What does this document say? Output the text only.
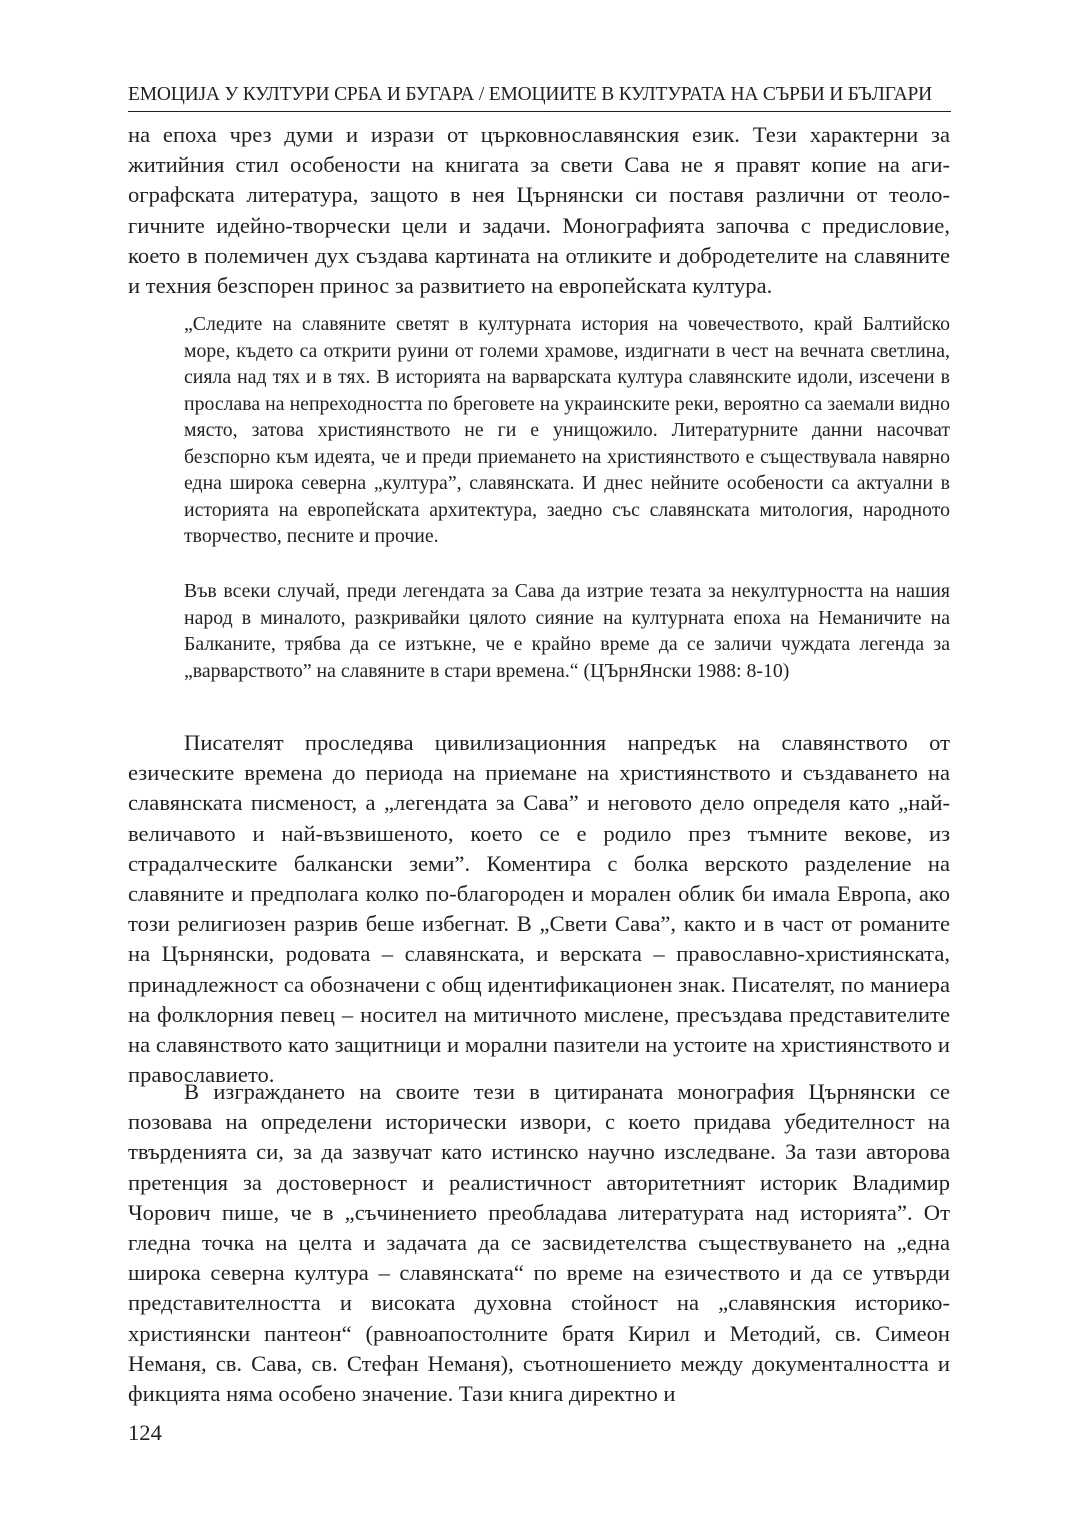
ЕМОЦИЈА У КУЛТУРИ СРБА И БУГАРА / ЕМОЦИИТЕ В КУЛТУРАТА НА СЪРБИ И БЪЛГАРИ

на епоха чрез думи и изрази от църковнославянския език. Тези характерни за житийния стил особености на книгата за свети Сава не я правят копие на агиографската литература, защото в нея Църнянски си поставя различни от теологичните идейно-творчески цели и задачи. Монографията започва с предисловие, което в полемичен дух създава картината на отликите и добродетелите на славяните и техния безспорен принос за развитието на европейската култура.

„Следите на славяните светят в културната история на човечеството, край Балтийско море, където са открити руини от големи храмове, издигнати в чест на вечната светлина, сияла над тях и в тях. В историята на варварската култура славянските идоли, изсечени в прослава на непреходността по бреговете на украинските реки, вероятно са заемали видно място, затова християнството не ги е унищожило. Литературните данни насочват безспорно към идеята, че и преди приемането на християнството е съществувала навярно една широка северна „култура”, славянската. И днес нейните особености са актуални в историята на европейската архитектура, заедно със славянската митология, народното творчество, песните и прочие.

Във всеки случай, преди легендата за Сава да изтрие тезата за некултурността на нашия народ в миналото, разкривайки цялото сияние на културната епоха на Неманичите на Балканите, трябва да се изтъкне, че е крайно време да се заличи чуждата легенда за „варварството” на славяните в стари времена.“ (ЦЪрнЯнски 1988: 8-10)

Писателят проследява цивилизационния напредък на славянството от езическите времена до периода на приемане на християнството и създаването на славянската писменост, а „легендата за Сава” и неговото дело определя като „най-величавото и най-възвишеното, което се е родило през тъмните векове, из страдалческите балкански земи”. Коментира с болка верското разделение на славяните и предполага колко по-благороден и морален облик би имала Европа, ако този религиозен разрив беше избегнат. В „Свети Сава”, както и в част от романите на Църнянски, родовата – славянската, и верската – православно-християнската, принадлежност са обозначени с общ идентификационен знак. Писателят, по маниера на фолклорния певец – носител на митичното мислене, пресъздава представителите на славянството като защитници и морални пазители на устоите на християнството и православието.

В изграждането на своите тези в цитираната монография Църнянски се позовава на определени исторически извори, с което придава убедителност на твърденията си, за да зазвучат като истинско научно изследване. За тази авторова претенция за достоверност и реалистичност авторитетният историк Владимир Чорович пише, че в „съчинението преобладава литературата над историята”. От гледна точка на целта и задачата да се засвидетелства съществуването на „една широка северна култура – славянската“ по време на езичеството и да се утвърди представителността и високата духовна стойност на „славянския историко-християнски пантеон“ (равноапостолните братя Кирил и Методий, св. Симеон Неманя, св. Сава, св. Стефан Неманя), съотношението между документалността и фикцията няма особено значение. Тази книга директно и

124
